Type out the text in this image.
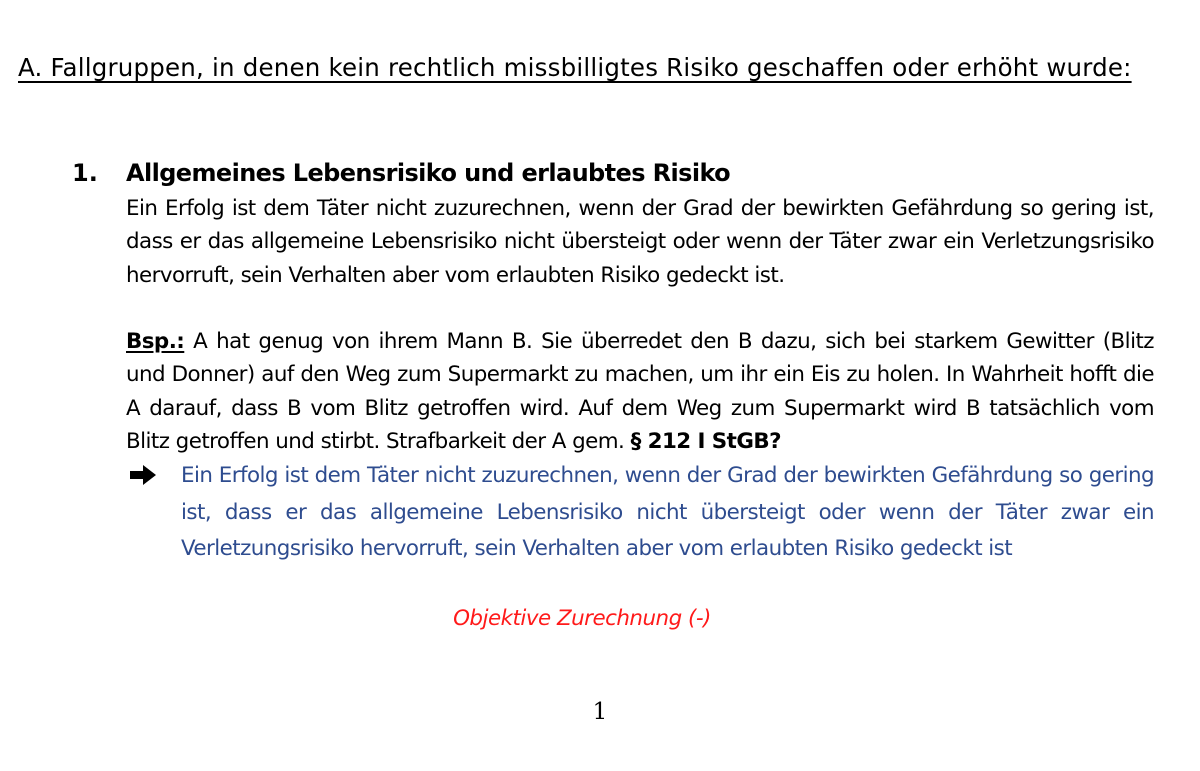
A. Fallgruppen, in denen kein rechtlich missbilligtes Risiko geschaffen oder erhöht wurde:
1. Allgemeines Lebensrisiko und erlaubtes Risiko
Ein Erfolg ist dem Täter nicht zuzurechnen, wenn der Grad der bewirkten Gefährdung so gering ist, dass er das allgemeine Lebensrisiko nicht übersteigt oder wenn der Täter zwar ein Verletzungsrisiko hervorruft, sein Verhalten aber vom erlaubten Risiko gedeckt ist.
Bsp.: A hat genug von ihrem Mann B. Sie überredet den B dazu, sich bei starkem Gewitter (Blitz und Donner) auf den Weg zum Supermarkt zu machen, um ihr ein Eis zu holen. In Wahrheit hofft die A darauf, dass B vom Blitz getroffen wird. Auf dem Weg zum Supermarkt wird B tatsächlich vom Blitz getroffen und stirbt. Strafbarkeit der A gem. § 212 I StGB?
Ein Erfolg ist dem Täter nicht zuzurechnen, wenn der Grad der bewirkten Gefährdung so gering ist, dass er das allgemeine Lebensrisiko nicht übersteigt oder wenn der Täter zwar ein Verletzungsrisiko hervorruft, sein Verhalten aber vom erlaubten Risiko gedeckt ist
Objektive Zurechnung (-)
1
